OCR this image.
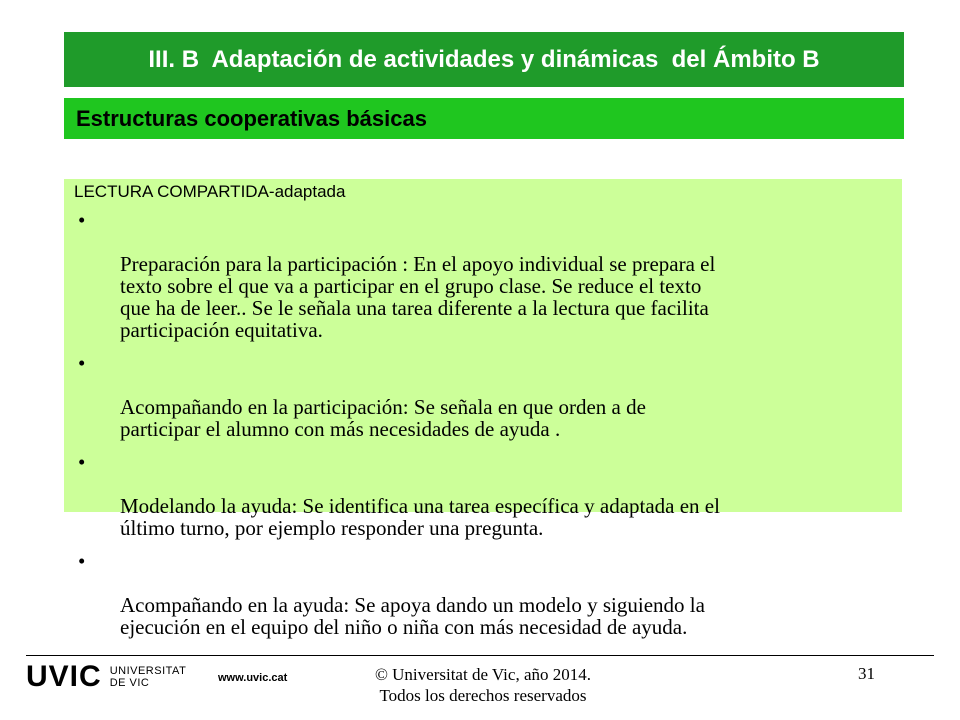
III. B  Adaptación de actividades y dinámicas  del Ámbito B
Estructuras cooperativas básicas
LECTURA COMPARTIDA-adaptada

•

Preparación para la participación : En el apoyo individual se prepara el
texto sobre el que va a participar en el grupo clase. Se reduce el texto
que ha de leer.. Se le señala una tarea diferente a la lectura que facilita
participación equitativa.

•

Acompañando en la participación: Se señala en que orden a de
participar el alumno con más necesidades de ayuda .

•

Modelando la ayuda: Se identifica una tarea específica y adaptada en el
último turno, por ejemplo responder una pregunta.

•

Acompañando en la ayuda: Se apoya dando un modelo y siguiendo la
ejecución en el equipo del niño o niña con más necesidad de ayuda.

UVIC UNIVERSITAT
DE VIC	www.uvic.cat	© Universitat de Vic, año 2014.
Todos los derechos reservados
31
